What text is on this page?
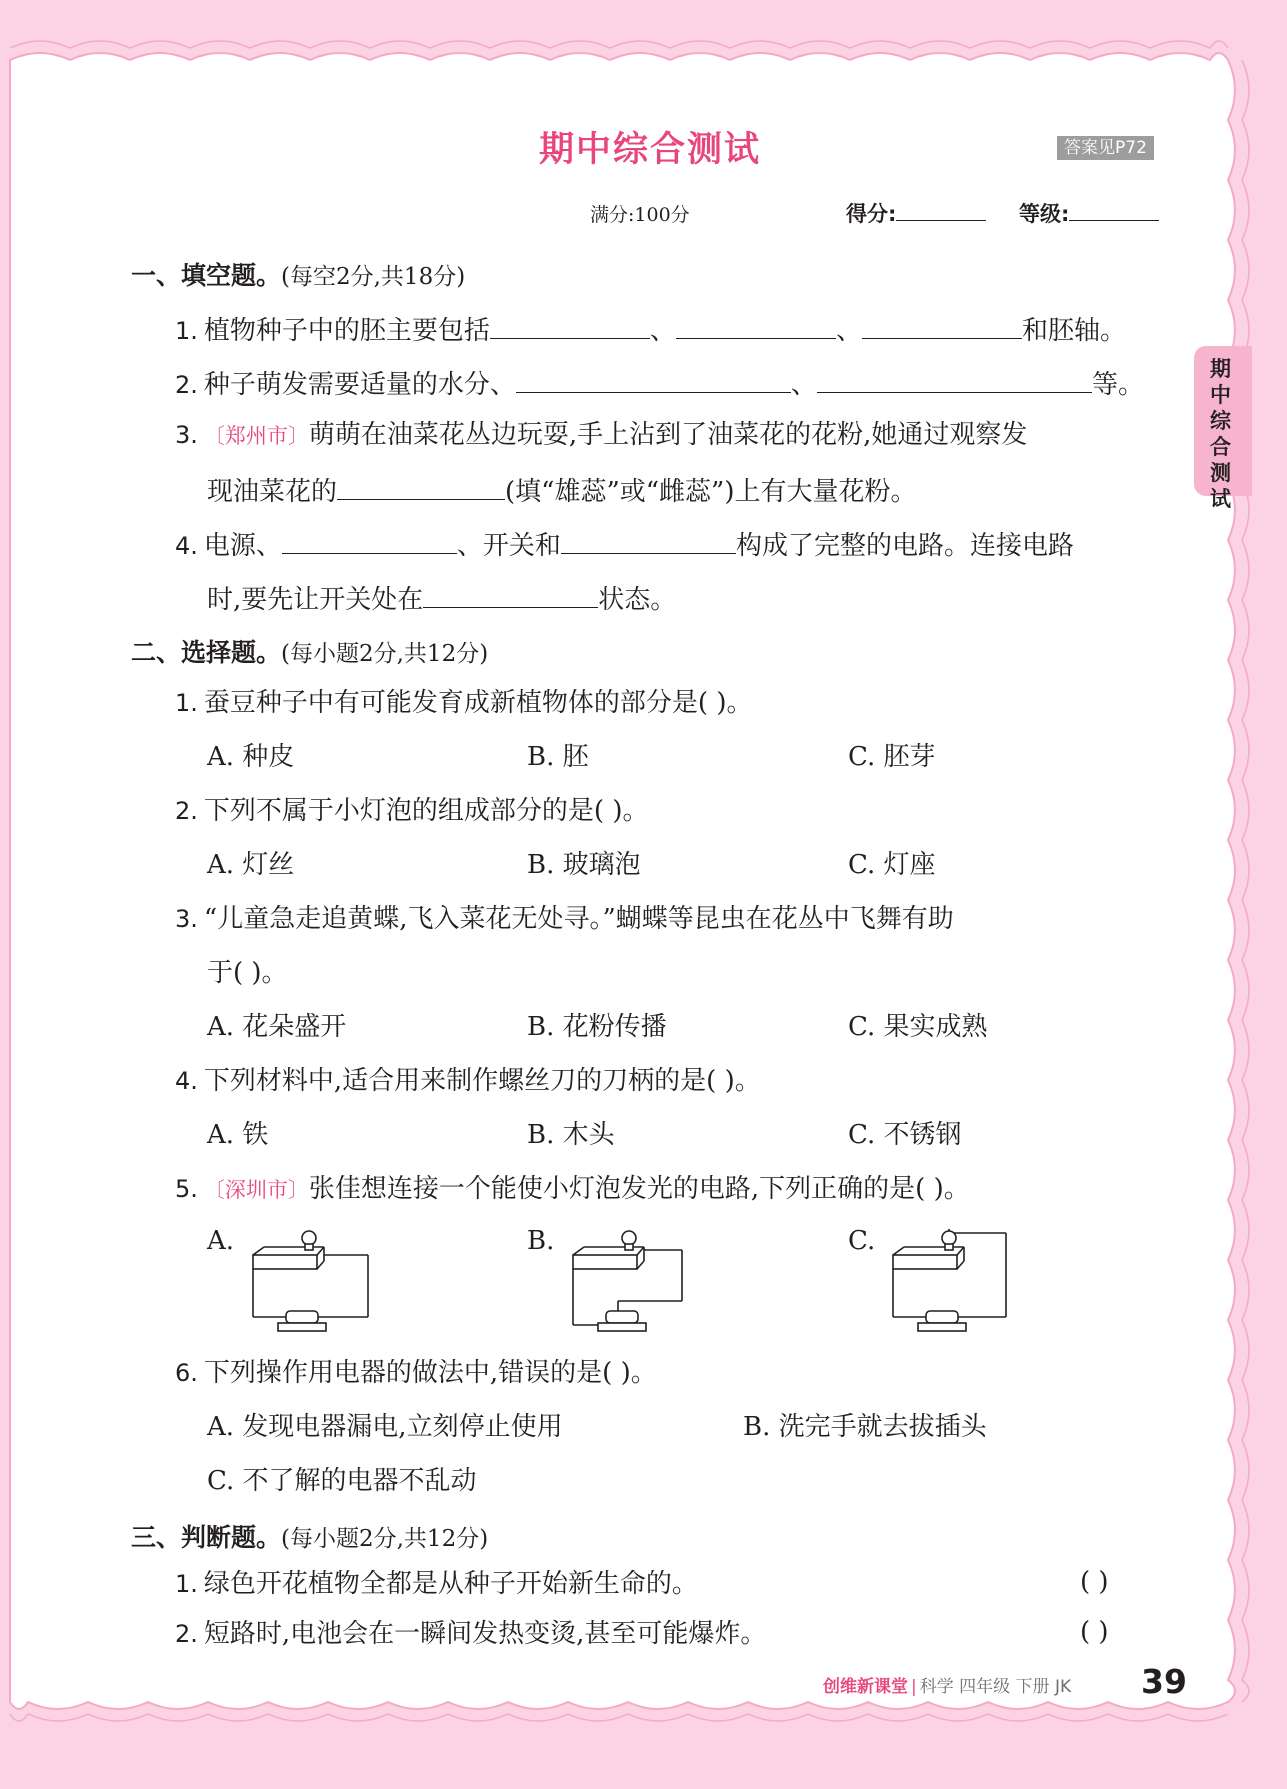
期中综合测试	答案见P72
满分:100分	得分:	等级:
期中综合测试
一、填空题。(每空2分,共18分)
1. 植物种子中的胚主要包括	、	、	和胚轴。
2. 种子萌发需要适量的水分、	、	等。
3. 〔郑州市〕萌萌在油菜花丛边玩耍,手上沾到了油菜花的花粉,她通过观察发
现油菜花的	(填“雄蕊”或“雌蕊”)上有大量花粉。
4. 电源、	、开关和	构成了完整的电路。连接电路
时,要先让开关处在	状态。
二、选择题。(每小题2分,共12分)
1. 蚕豆种子中有可能发育成新植物体的部分是( )。
A. 种皮	B. 胚	C. 胚芽
2. 下列不属于小灯泡的组成部分的是( )。
A. 灯丝	B. 玻璃泡	C. 灯座
3. “儿童急走追黄蝶,飞入菜花无处寻。”蝴蝶等昆虫在花丛中飞舞有助
于( )。
A. 花朵盛开	B. 花粉传播	C. 果实成熟
4. 下列材料中,适合用来制作螺丝刀的刀柄的是( )。
A. 铁	B. 木头	C. 不锈钢
5. 〔深圳市〕张佳想连接一个能使小灯泡发光的电路,下列正确的是( )。
A.	B.	C.
6. 下列操作用电器的做法中,错误的是( )。
A. 发现电器漏电,立刻停止使用	B. 洗完手就去拔插头
C. 不了解的电器不乱动
三、判断题。(每小题2分,共12分)
1. 绿色开花植物全都是从种子开始新生命的。	( )
2. 短路时,电池会在一瞬间发热变烫,甚至可能爆炸。	( )
创维新课堂 | 科学 四年级 下册 JK 39
